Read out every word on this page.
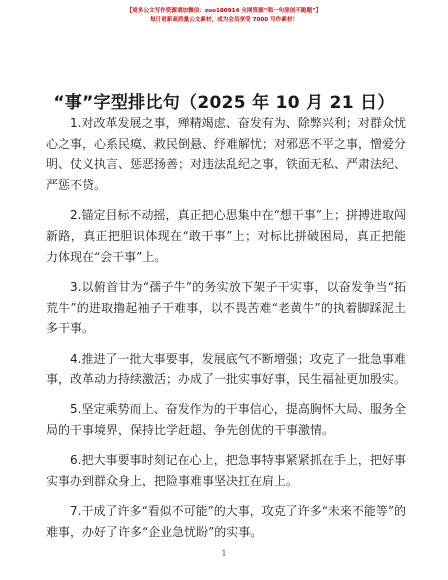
【更多公文写作资源请加微信：zuo180914 全网资源“唱一句原创不跑题”】
每日更新高质量公文素材，成为会员享受 7000 写作素材！
“事”字型排比句（2025 年 10 月 21 日）

1.对改革发展之事，殚精竭虑、奋发有为、除弊兴利；对群众忧心之事，心系民瘼、救民倒悬、纾难解忧；对邪恶不平之事，憎爱分明、仗义执言、惩恶扬善；对违法乱纪之事，铁面无私、严肃法纪、严惩不贷。

2.锚定目标不动摇，真正把心思集中在“想干事”上；拼搏进取闯新路，真正把胆识体现在“敢干事”上；对标比拼破困局，真正把能力体现在“会干事”上。

3.以俯首甘为“孺子牛”的务实放下架子干实事，以奋发争当“拓荒牛”的进取撸起袖子干难事，以不畏苦难“老黄牛”的执着脚踩泥土多干事。

4.推进了一批大事要事，发展底气不断增强；攻克了一批急事难事，改革动力持续激活；办成了一批实事好事，民生福祉更加殷实。

5.坚定乘势而上、奋发作为的干事信心，提高胸怀大局、服务全局的干事境界，保持比学赶超、争先创优的干事激情。

6.把大事要事时刻记在心上，把急事特事紧紧抓在手上，把好事实事办到群众身上，把险事难事坚决扛在肩上。

7.干成了许多“看似不可能”的大事，攻克了许多“未来不能等”的难事，办好了许多“企业急忧盼”的实事。

1
